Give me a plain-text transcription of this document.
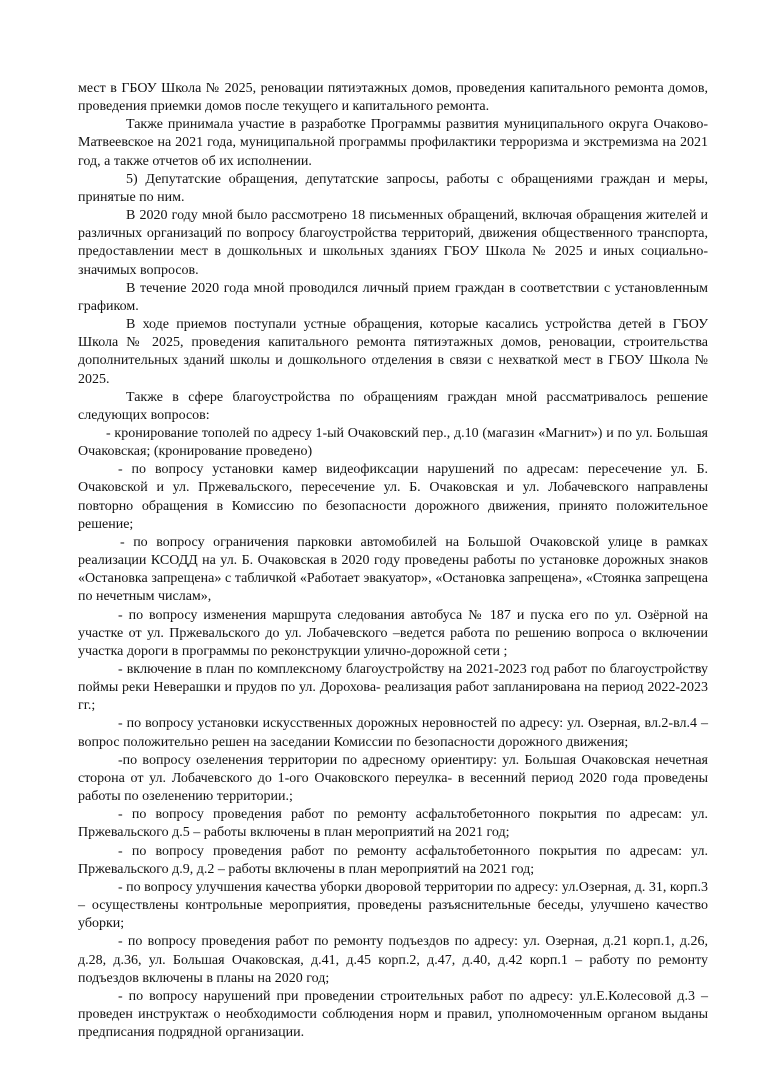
мест в ГБОУ Школа № 2025, реновации пятиэтажных домов, проведения капитального ремонта домов, проведения приемки домов после текущего и капитального ремонта.

Также принимала участие в разработке Программы развития муниципального округа Очаково-Матвеевское на 2021 года, муниципальной программы профилактики терроризма и экстремизма на 2021 год, а также отчетов об их исполнении.

5) Депутатские обращения, депутатские запросы, работы с обращениями граждан и меры, принятые по ним.

В 2020 году мной было рассмотрено 18 письменных обращений, включая обращения жителей и различных организаций по вопросу благоустройства территорий, движения общественного транспорта, предоставлении мест в дошкольных и школьных зданиях ГБОУ Школа № 2025 и иных социально-значимых вопросов.

В течение 2020 года мной проводился личный прием граждан в соответствии с установленным графиком.

В ходе приемов поступали устные обращения, которые касались устройства детей в ГБОУ Школа № 2025, проведения капитального ремонта пятиэтажных домов, реновации, строительства дополнительных зданий школы и дошкольного отделения в связи с нехваткой мест в ГБОУ Школа № 2025.

Также в сфере благоустройства по обращениям граждан мной рассматривалось решение следующих вопросов:

- кронирование тополей по адресу 1-ый Очаковский пер., д.10 (магазин «Магнит») и по ул. Большая Очаковская; (кронирование проведено)

- по вопросу установки камер видеофиксации нарушений по адресам: пересечение ул. Б. Очаковской и ул. Пржевальского, пересечение ул. Б. Очаковская и ул. Лобачевского направлены повторно обращения в Комиссию по безопасности дорожного движения, принято положительное решение;

- по вопросу ограничения парковки автомобилей на Большой Очаковской улице в рамках реализации КСОДД на ул. Б. Очаковская в 2020 году проведены работы по установке дорожных знаков «Остановка запрещена» с табличкой «Работает эвакуатор», «Остановка запрещена», «Стоянка запрещена по нечетным числам»,

- по вопросу изменения маршрута следования автобуса № 187 и пуска его по ул. Озёрной на участке от ул. Пржевальского до ул. Лобачевского –ведется работа по решению вопроса о включении участка дороги в программы по реконструкции улично-дорожной сети ;

- включение в план по комплексному благоустройству на 2021-2023 год работ по благоустройству поймы реки Неверашки и прудов по ул. Дорохова- реализация работ запланирована на период 2022-2023 гг.;

- по вопросу установки искусственных дорожных неровностей по адресу: ул. Озерная, вл.2-вл.4 – вопрос положительно решен на заседании Комиссии по безопасности дорожного движения;

-по вопросу озеленения территории по адресному ориентиру: ул. Большая Очаковская нечетная сторона от ул. Лобачевского до 1-ого Очаковского переулка- в весенний период 2020 года проведены работы по озеленению территории.;

- по вопросу проведения работ по ремонту асфальтобетонного покрытия по адресам: ул. Пржевальского д.5 – работы включены в план мероприятий на 2021 год;

- по вопросу проведения работ по ремонту асфальтобетонного покрытия по адресам: ул. Пржевальского д.9, д.2 – работы включены в план мероприятий на 2021 год;

- по вопросу улучшения качества уборки дворовой территории по адресу: ул.Озерная, д. 31, корп.3 – осуществлены контрольные мероприятия, проведены разъяснительные беседы, улучшено качество уборки;

- по вопросу проведения работ по ремонту подъездов по адресу: ул. Озерная, д.21 корп.1, д.26, д.28, д.36, ул. Большая Очаковская, д.41, д.45 корп.2, д.47, д.40, д.42 корп.1 – работу по ремонту подъездов включены в планы на 2020 год;

- по вопросу нарушений при проведении строительных работ по адресу: ул.Е.Колесовой д.3 – проведен инструктаж о необходимости соблюдения норм и правил, уполномоченным органом выданы предписания подрядной организации.
